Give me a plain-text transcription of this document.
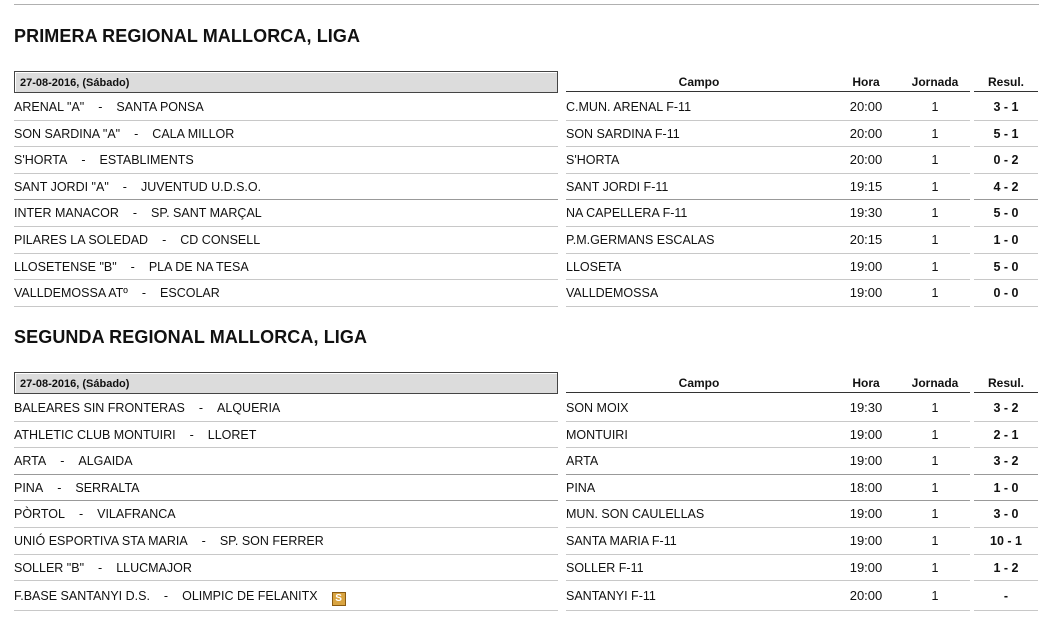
PRIMERA REGIONAL MALLORCA, LIGA
27-08-2016, (Sábado)	Campo	Hora	Jornada	Resul.
ARENAL "A" - SANTA PONSA	C.MUN. ARENAL F-11	20:00	1	3 - 1
SON SARDINA "A" - CALA MILLOR	SON SARDINA F-11	20:00	1	5 - 1
S'HORTA - ESTABLIMENTS	S'HORTA	20:00	1	0 - 2
SANT JORDI "A" - JUVENTUD U.D.S.O.	SANT JORDI F-11	19:15	1	4 - 2
INTER MANACOR - SP. SANT MARÇAL	NA CAPELLERA F-11	19:30	1	5 - 0
PILARES LA SOLEDAD - CD CONSELL	P.M.GERMANS ESCALAS	20:15	1	1 - 0
LLOSETENSE "B" - PLA DE NA TESA	LLOSETA	19:00	1	5 - 0
VALLDEMOSSA ATº - ESCOLAR	VALLDEMOSSA	19:00	1	0 - 0
SEGUNDA REGIONAL MALLORCA, LIGA
27-08-2016, (Sábado)	Campo	Hora	Jornada	Resul.
BALEARES SIN FRONTERAS - ALQUERIA	SON MOIX	19:30	1	3 - 2
ATHLETIC CLUB MONTUIRI - LLORET	MONTUIRI	19:00	1	2 - 1
ARTA - ALGAIDA	ARTA	19:00	1	3 - 2
PINA - SERRALTA	PINA	18:00	1	1 - 0
PÒRTOL - VILAFRANCA	MUN. SON CAULELLAS	19:00	1	3 - 0
UNIÓ ESPORTIVA STA MARIA - SP. SON FERRER	SANTA MARIA F-11	19:00	1	10 - 1
SOLLER "B" - LLUCMAJOR	SOLLER F-11	19:00	1	1 - 2
F.BASE SANTANYI D.S. - OLIMPIC DE FELANITX S	SANTANYI F-11	20:00	1	-
